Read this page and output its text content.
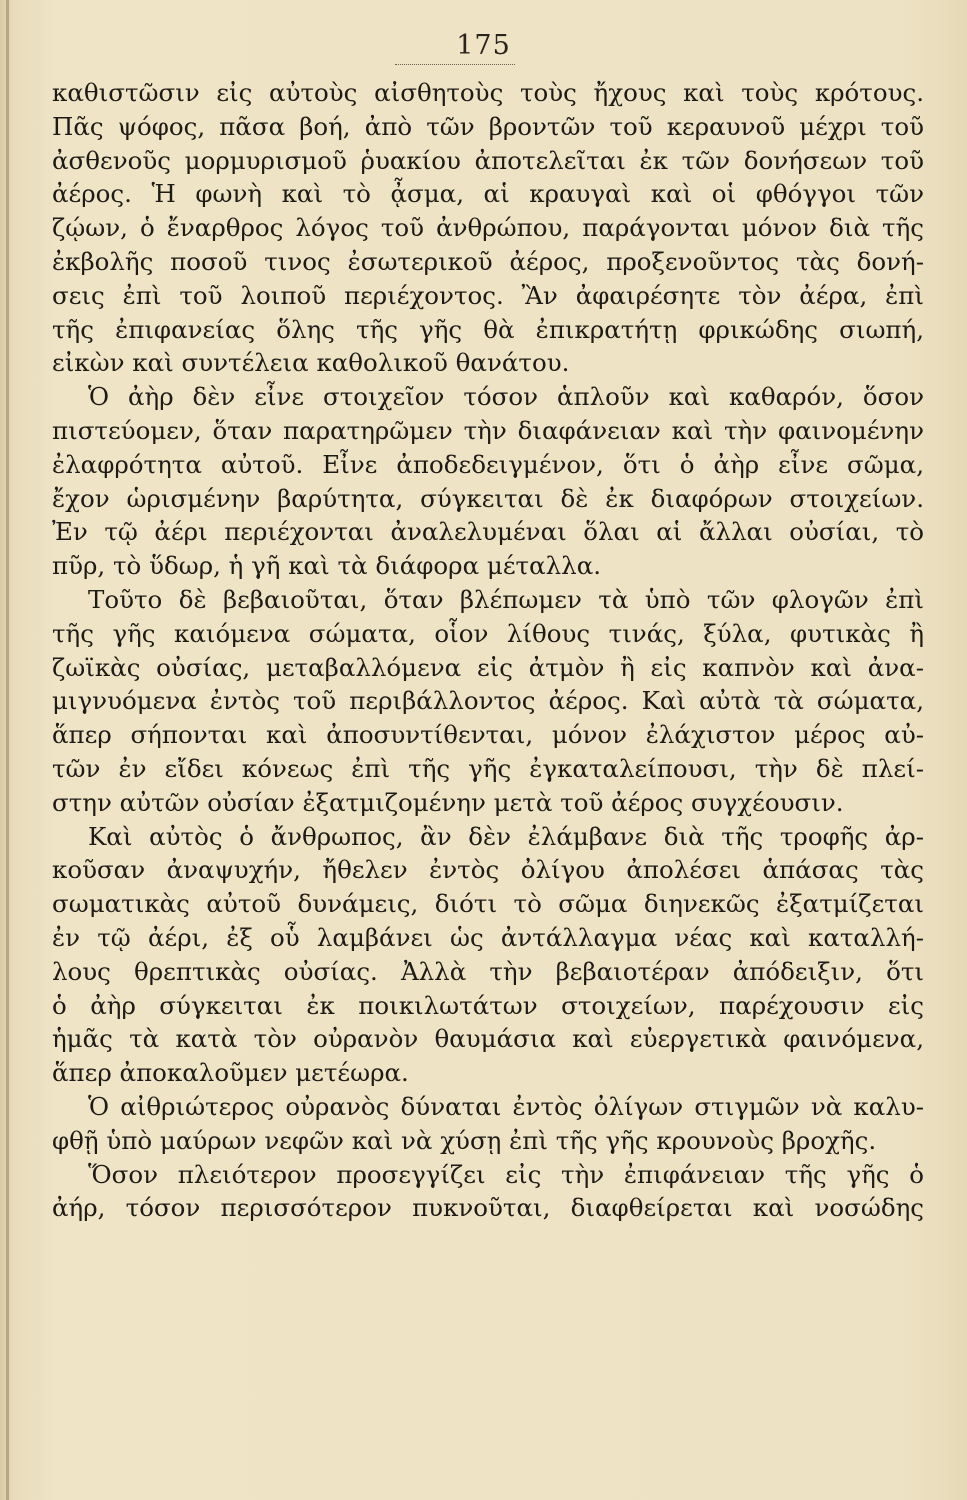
175
καθιστῶσιν εἰς αὐτοὺς αἰσθητοὺς τοὺς ἤχους καὶ τοὺς κρότους.
Πᾶς ψόφος, πᾶσα βοή, ἀπὸ τῶν βροντῶν τοῦ κεραυνοῦ μέχρι τοῦ
ἀσθενοῦς μορμυρισμοῦ ῥυακίου ἀποτελεῖται ἐκ τῶν δονήσεων τοῦ
ἀέρος. Ἡ φωνὴ καὶ τὸ ᾆσμα, αἱ κραυγαὶ καὶ οἱ φθόγγοι τῶν
ζῴων, ὁ ἔναρθρος λόγος τοῦ ἀνθρώπου, παράγονται μόνον διὰ τῆς
ἐκβολῆς ποσοῦ τινος ἐσωτερικοῦ ἀέρος, προξενοῦντος τὰς δονή-
σεις ἐπὶ τοῦ λοιποῦ περιέχοντος. Ἂν ἀφαιρέσητε τὸν ἀέρα, ἐπὶ
τῆς ἐπιφανείας ὅλης τῆς γῆς θὰ ἐπικρατήτῃ φρικώδης σιωπή,
εἰκὼν καὶ συντέλεια καθολικοῦ θανάτου.
Ὁ ἀὴρ δὲν εἶνε στοιχεῖον τόσον ἁπλοῦν καὶ καθαρόν, ὅσον
πιστεύομεν, ὅταν παρατηρῶμεν τὴν διαφάνειαν καὶ τὴν φαινομένην
ἐλαφρότητα αὐτοῦ. Εἶνε ἀποδεδειγμένον, ὅτι ὁ ἀὴρ εἶνε σῶμα,
ἔχον ὡρισμένην βαρύτητα, σύγκειται δὲ ἐκ διαφόρων στοιχείων.
Ἐν τῷ ἀέρι περιέχονται ἀναλελυμέναι ὅλαι αἱ ἄλλαι οὐσίαι, τὸ
πῦρ, τὸ ὕδωρ, ἡ γῆ καὶ τὰ διάφορα μέταλλα.
Τοῦτο δὲ βεβαιοῦται, ὅταν βλέπωμεν τὰ ὑπὸ τῶν φλογῶν ἐπὶ
τῆς γῆς καιόμενα σώματα, οἷον λίθους τινάς, ξύλα, φυτικὰς ἢ
ζωϊκὰς οὐσίας, μεταβαλλόμενα εἰς ἀτμὸν ἢ εἰς καπνὸν καὶ ἀνα-
μιγνυόμενα ἐντὸς τοῦ περιβάλλοντος ἀέρος. Καὶ αὐτὰ τὰ σώματα,
ἅπερ σήπονται καὶ ἀποσυντίθενται, μόνον ἐλάχιστον μέρος αὐ-
τῶν ἐν εἴδει κόνεως ἐπὶ τῆς γῆς ἐγκαταλείπουσι, τὴν δὲ πλεί-
στην αὐτῶν οὐσίαν ἐξατμιζομένην μετὰ τοῦ ἀέρος συγχέουσιν.
Καὶ αὐτὸς ὁ ἄνθρωπος, ἂν δὲν ἐλάμβανε διὰ τῆς τροφῆς ἀρ-
κοῦσαν ἀναψυχήν, ἤθελεν ἐντὸς ὀλίγου ἀπολέσει ἁπάσας τὰς
σωματικὰς αὐτοῦ δυνάμεις, διότι τὸ σῶμα διηνεκῶς ἐξατμίζεται
ἐν τῷ ἀέρι, ἐξ οὗ λαμβάνει ὡς ἀντάλλαγμα νέας καὶ καταλλή-
λους θρεπτικὰς οὐσίας. Ἀλλὰ τὴν βεβαιοτέραν ἀπόδειξιν, ὅτι
ὁ ἀὴρ σύγκειται ἐκ ποικιλωτάτων στοιχείων, παρέχουσιν εἰς
ἡμᾶς τὰ κατὰ τὸν οὐρανὸν θαυμάσια καὶ εὐεργετικὰ φαινόμενα,
ἅπερ ἀποκαλοῦμεν μετέωρα.
Ὁ αἰθριώτερος οὐρανὸς δύναται ἐντὸς ὀλίγων στιγμῶν νὰ καλυ-
φθῇ ὑπὸ μαύρων νεφῶν καὶ νὰ χύσῃ ἐπὶ τῆς γῆς κρουνοὺς βροχῆς.
Ὅσον πλειότερον προσεγγίζει εἰς τὴν ἐπιφάνειαν τῆς γῆς ὁ
ἀήρ, τόσον περισσότερον πυκνοῦται, διαφθείρεται καὶ νοσώδης
